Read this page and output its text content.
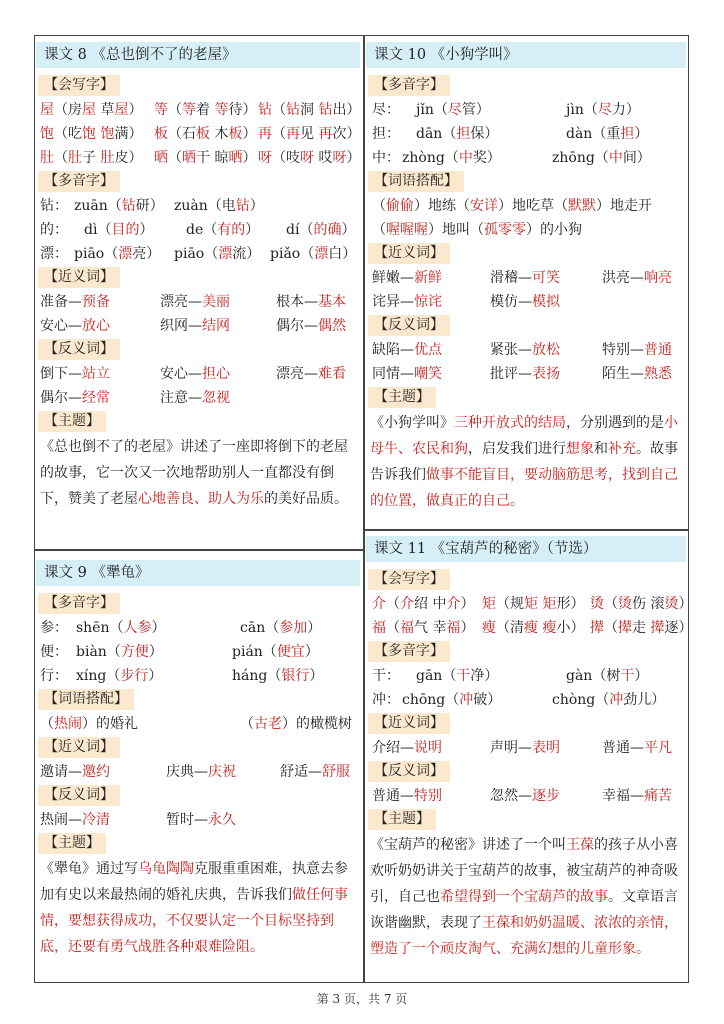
课文 8 《总也倒不了的老屋》
【会写字】
屋（房屋 草屋） 等（等着 等待） 钻（钻洞 钻出）
饱（吃饱 饱满） 板（石板 木板） 再（再见 再次）
肚（肚子 肚皮） 晒（晒干 晾晒） 呀（吱呀 哎呀）
【多音字】
钻： zuān（钻研） zuàn（电钻）
的： dì（目的） de（有的） dí（的确）
漂： piāo（漂亮） piāo（漂流） piǎo（漂白）
【近义词】
准备—预备	漂亮—美丽	根本—基本
安心—放心	织网—结网	偶尔—偶然
【反义词】
倒下—站立	安心—担心	漂亮—难看
偶尔—经常	注意—忽视
【主题】
《总也倒不了的老屋》讲述了一座即将倒下的老屋的故事，它一次又一次地帮助别人一直都没有倒下，赞美了老屋心地善良、助人为乐的美好品质。
课文 9 《犟龟》
【多音字】
参： shēn（人参）	cān（参加）
便： biàn（方便）	pián（便宜）
行： xíng（步行）	háng（银行）
【词语搭配】
（热闹）的婚礼	（古老）的橄榄树
【近义词】
邀请—邀约	庆典—庆祝	舒适—舒服
【反义词】
热闹—冷清	暂时—永久
【主题】
《犟龟》通过写乌龟陶陶克服重重困难，执意去参加有史以来最热闹的婚礼庆典，告诉我们做任何事情，要想获得成功，不仅要认定一个目标坚持到底，还要有勇气战胜各种艰难险阻。
课文 10 《小狗学叫》
【多音字】
尽： jǐn（尽管）	jìn（尽力）
担： dān（担保）	dàn（重担）
中： zhòng（中奖）	zhōng（中间）
【词语搭配】
（偷偷）地练（安详）地吃草（默默）地走开
（喔喔喔）地叫（孤零零）的小狗
【近义词】
鲜嫩—新鲜	滑稽—可笑	洪亮—响亮
诧异—惊诧	模仿—模拟
【反义词】
缺陷—优点	紧张—放松	特别—普通
同情—嘲笑	批评—表扬	陌生—熟悉
【主题】
《小狗学叫》三种开放式的结局，分别遇到的是小母牛、农民和狗，启发我们进行想象和补充。故事告诉我们做事不能盲目，要动脑筋思考，找到自己的位置，做真正的自己。
课文 11 《宝葫芦的秘密》（节选）
【会写字】
介（介绍 中介） 矩（规矩 矩形） 烫（烫伤 滚烫）
福（福气 幸福） 瘦（清瘦 瘦小） 撵（撵走 撵逐）
【多音字】
干： gān（干净）	gàn（树干）
冲： chōng（冲破）	chòng（冲劲儿）
【近义词】
介绍—说明	声明—表明	普通—平凡
【反义词】
普通—特别	忽然—逐步	幸福—痛苦
【主题】
《宝葫芦的秘密》讲述了一个叫王葆的孩子从小喜欢听奶奶讲关于宝葫芦的故事，被宝葫芦的神奇吸引，自己也希望得到一个宝葫芦的故事。文章语言诙谐幽默，表现了王葆和奶奶温暖、浓浓的亲情，塑造了一个顽皮淘气、充满幻想的儿童形象。
第 3 页，共 7 页
